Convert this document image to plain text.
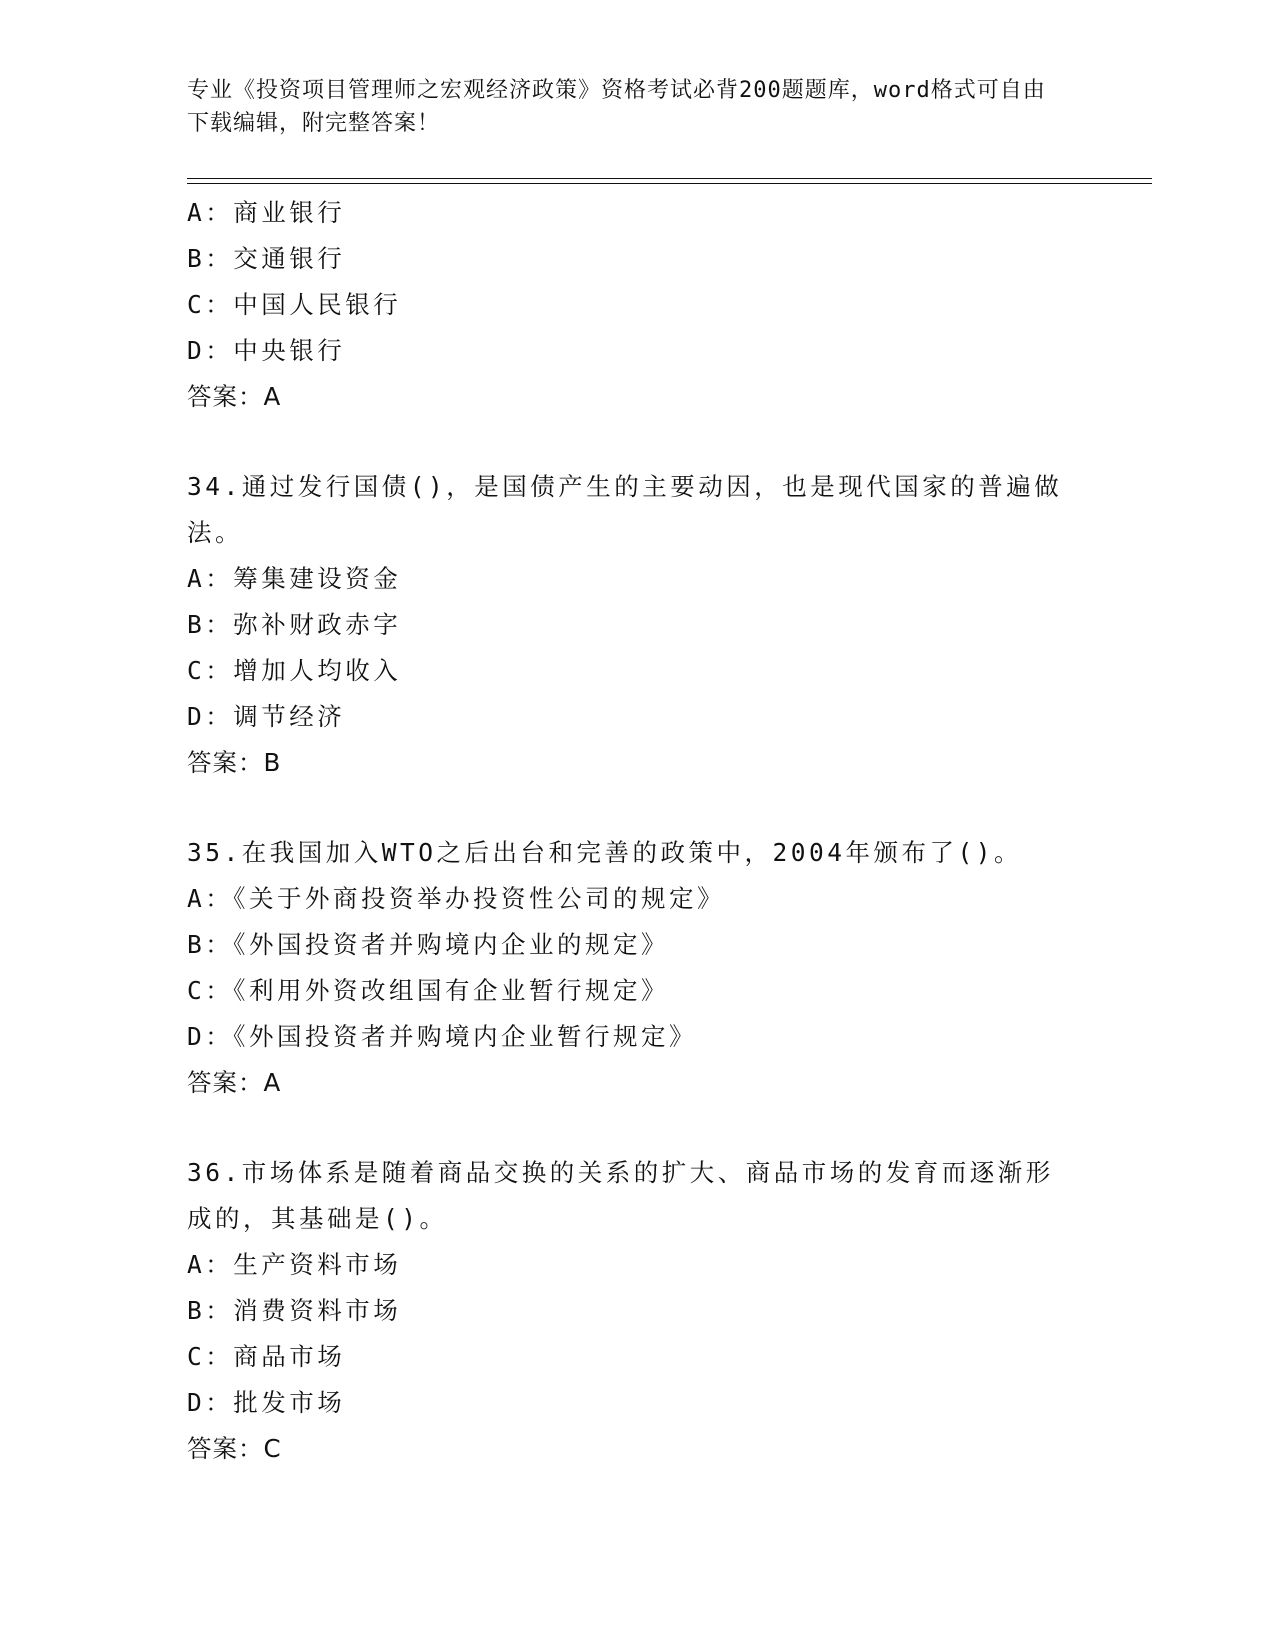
专业《投资项目管理师之宏观经济政策》资格考试必背200题题库，word格式可自由下载编辑，附完整答案！
A：商业银行
B：交通银行
C：中国人民银行
D：中央银行
答案：A
34.通过发行国债()，是国债产生的主要动因，也是现代国家的普遍做法。
A：筹集建设资金
B：弥补财政赤字
C：增加人均收入
D：调节经济
答案：B
35.在我国加入WTO之后出台和完善的政策中，2004年颁布了()。
A：《关于外商投资举办投资性公司的规定》
B：《外国投资者并购境内企业的规定》
C：《利用外资改组国有企业暂行规定》
D：《外国投资者并购境内企业暂行规定》
答案：A
36.市场体系是随着商品交换的关系的扩大、商品市场的发育而逐渐形成的，其基础是()。
A：生产资料市场
B：消费资料市场
C：商品市场
D：批发市场
答案：C
